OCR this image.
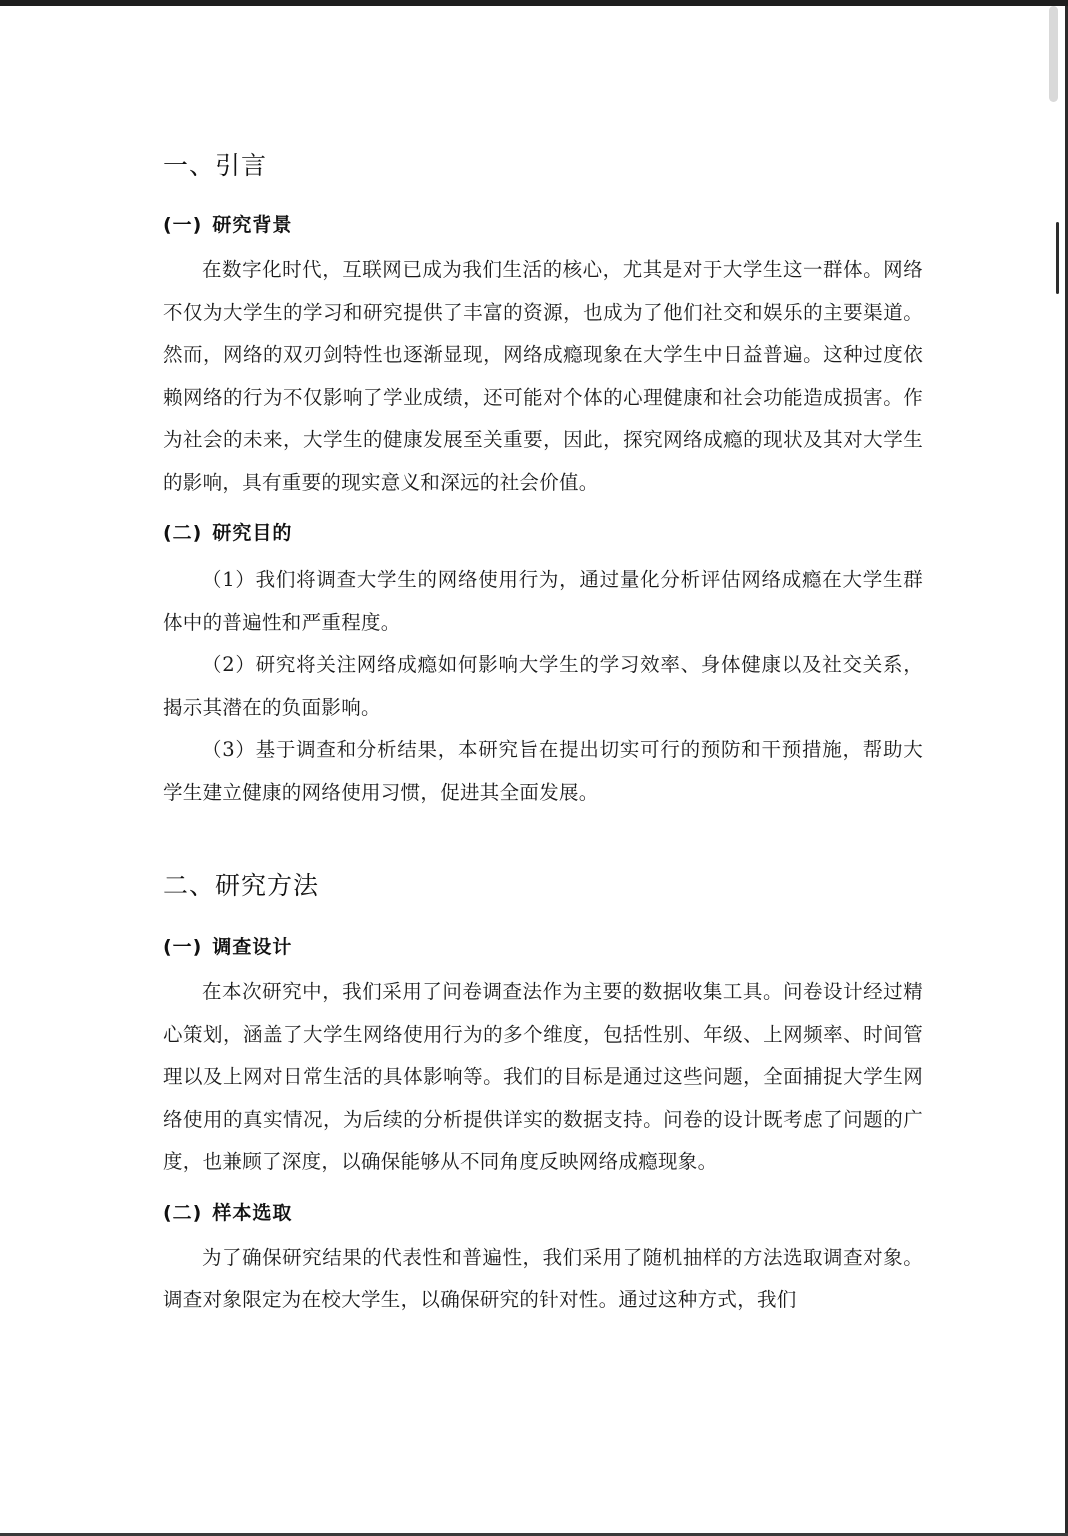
一、引言
(一) 研究背景

在数字化时代，互联网已成为我们生活的核心，尤其是对于大学生这一群体。网络不仅为大学生的学习和研究提供了丰富的资源，也成为了他们社交和娱乐的主要渠道。然而，网络的双刃剑特性也逐渐显现，网络成瘾现象在大学生中日益普遍。这种过度依赖网络的行为不仅影响了学业成绩，还可能对个体的心理健康和社会功能造成损害。作为社会的未来，大学生的健康发展至关重要，因此，探究网络成瘾的现状及其对大学生的影响，具有重要的现实意义和深远的社会价值。

(二) 研究目的

（1）我们将调查大学生的网络使用行为，通过量化分析评估网络成瘾在大学生群体中的普遍性和严重程度。

（2）研究将关注网络成瘾如何影响大学生的学习效率、身体健康以及社交关系，揭示其潜在的负面影响。

（3）基于调查和分析结果，本研究旨在提出切实可行的预防和干预措施，帮助大学生建立健康的网络使用习惯，促进其全面发展。

二、研究方法
(一) 调查设计

在本次研究中，我们采用了问卷调查法作为主要的数据收集工具。问卷设计经过精心策划，涵盖了大学生网络使用行为的多个维度，包括性别、年级、上网频率、时间管理以及上网对日常生活的具体影响等。我们的目标是通过这些问题，全面捕捉大学生网络使用的真实情况，为后续的分析提供详实的数据支持。问卷的设计既考虑了问题的广度，也兼顾了深度，以确保能够从不同角度反映网络成瘾现象。

(二) 样本选取

为了确保研究结果的代表性和普遍性，我们采用了随机抽样的方法选取调查对象。调查对象限定为在校大学生，以确保研究的针对性。通过这种方式，我们
